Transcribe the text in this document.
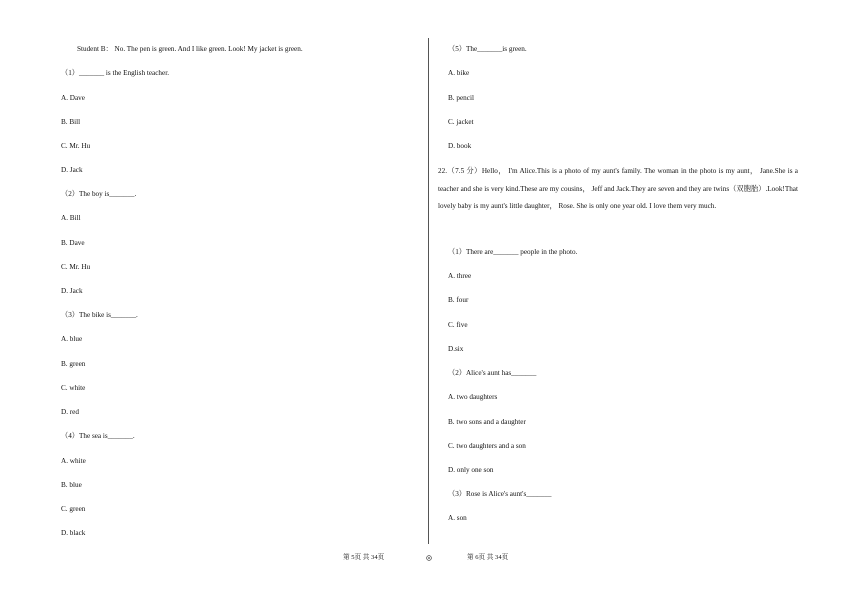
Student B： No. The pen is green. And I like green. Look! My jacket is green.
（1）_______ is the English teacher.
A. Dave
B. Bill
C. Mr. Hu
D. Jack
（2）The boy is_______.
A. Bill
B. Dave
C. Mr. Hu
D. Jack
（3）The bike is_______.
A. blue
B. green
C. white
D. red
（4）The sea is_______.
A. white
B. blue
C. green
D. black
（5）The_______is green.
A. bike
B. pencil
C. jacket
D. book
22.（7.5 分）Hello， I'm Alice.This is a photo of my aunt's family. The woman in the photo is my aunt， Jane.She is a teacher and she is very kind.These are my cousins， Jeff and Jack.They are seven and they are twins（双胞胎）.Look!That lovely baby is my aunt's little daughter， Rose. She is only one year old. I love them very much.
（1）There are_______ people in the photo.
A. three
B. four
C. five
D.six
（2）Alice's aunt has_______
A. two daughters
B. two sons and a daughter
C. two daughters and a son
D. only one son
（3）Rose is Alice's aunt's_______
A. son
第 5页 共 34页	第 6页 共 34页
